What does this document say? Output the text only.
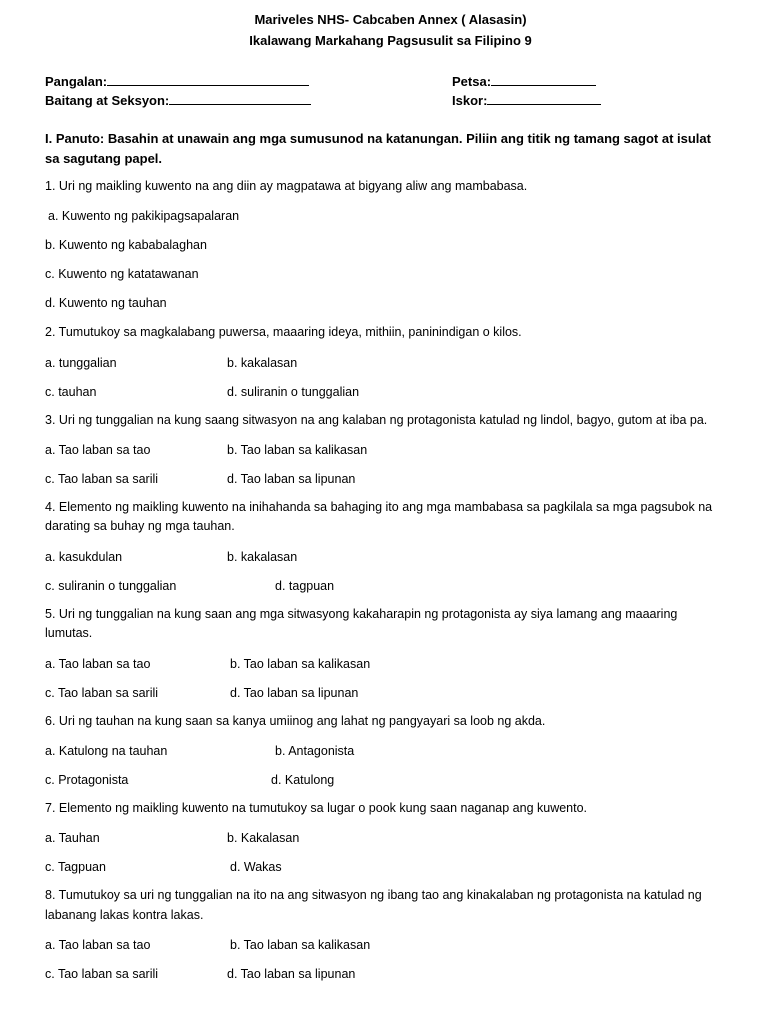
Mariveles NHS- Cabcaben Annex ( Alasasin)
Ikalawang Markahang Pagsusulit sa Filipino 9
Pangalan:	Petsa:
Baitang at Seksyon:	Iskor:
I. Panuto: Basahin at unawain ang mga sumusunod na katanungan. Piliin ang titik ng tamang sagot at isulat sa sagutang papel.
1. Uri ng maikling kuwento na ang diin ay magpatawa at bigyang aliw ang mambabasa.
a. Kuwento ng pakikipagsapalaran
b. Kuwento ng kababalaghan
c. Kuwento ng katatawanan
d. Kuwento ng tauhan
2. Tumutukoy sa magkalabang puwersa, maaaring ideya, mithiin, paninindigan o kilos.
a. tunggalian	b. kakalasan
c. tauhan	d. suliranin o tunggalian
3. Uri ng tunggalian na kung saang sitwasyon na ang kalaban ng protagonista katulad ng lindol, bagyo, gutom at iba pa.
a. Tao laban sa tao	b. Tao laban sa kalikasan
c. Tao laban sa sarili	d. Tao laban sa lipunan
4. Elemento ng maikling kuwento na inihahanda sa bahaging ito ang mga mambabasa sa pagkilala sa mga pagsubok na darating sa buhay ng mga tauhan.
a. kasukdulan	b. kakalasan
c. suliranin o tunggalian	d. tagpuan
5. Uri ng tunggalian na kung saan ang mga sitwasyong kakaharapin ng protagonista ay siya lamang ang maaaring lumutas.
a. Tao laban sa tao	b. Tao laban sa kalikasan
c. Tao laban sa sarili	d. Tao laban sa lipunan
6. Uri ng tauhan na kung saan sa kanya umiinog ang lahat ng pangyayari sa loob ng akda.
a. Katulong na tauhan	b. Antagonista
c. Protagonista	d. Katulong
7. Elemento ng maikling kuwento na tumutukoy sa lugar o pook kung saan naganap ang kuwento.
a. Tauhan	b. Kakalasan
c. Tagpuan	d. Wakas
8. Tumutukoy sa uri ng tunggalian na ito na ang sitwasyon ng ibang tao ang kinakalaban ng protagonista na katulad ng labanang lakas kontra lakas.
a. Tao laban sa tao	b. Tao laban sa kalikasan
c. Tao laban sa sarili	d. Tao laban sa lipunan
